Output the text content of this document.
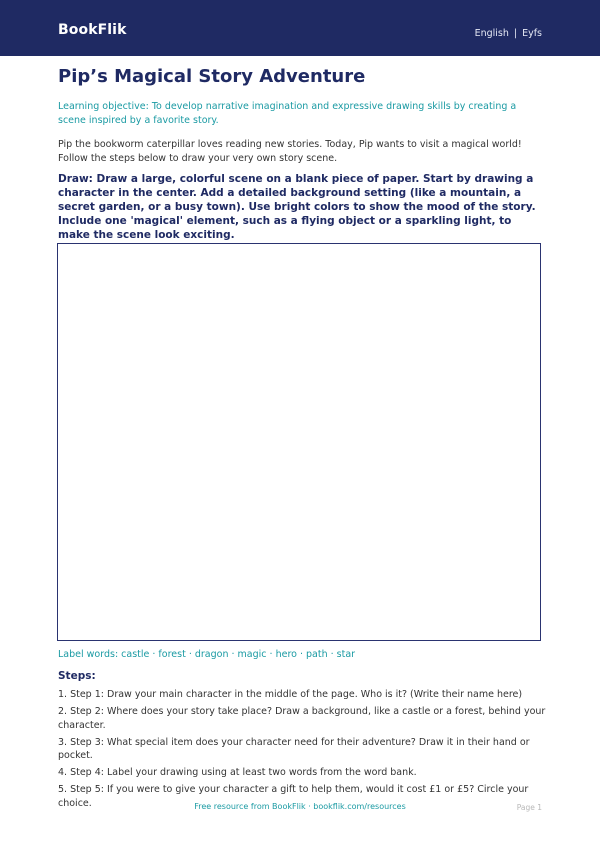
BookFlik	English | Eyfs
Pip’s Magical Story Adventure
Learning objective: To develop narrative imagination and expressive drawing skills by creating a scene inspired by a favorite story.
Pip the bookworm caterpillar loves reading new stories. Today, Pip wants to visit a magical world! Follow the steps below to draw your very own story scene.
Draw: Draw a large, colorful scene on a blank piece of paper. Start by drawing a character in the center. Add a detailed background setting (like a mountain, a secret garden, or a busy town). Use bright colors to show the mood of the story. Include one 'magical' element, such as a flying object or a sparkling light, to make the scene look exciting.
Label words: castle · forest · dragon · magic · hero · path · star
Steps:
1. Step 1: Draw your main character in the middle of the page. Who is it? (Write their name here)
2. Step 2: Where does your story take place? Draw a background, like a castle or a forest, behind your character.
3. Step 3: What special item does your character need for their adventure? Draw it in their hand or pocket.
4. Step 4: Label your drawing using at least two words from the word bank.
5. Step 5: If you were to give your character a gift to help them, would it cost £1 or £5? Circle your choice.	Free resource from BookFlik · bookflik.com/resources	Page 1
